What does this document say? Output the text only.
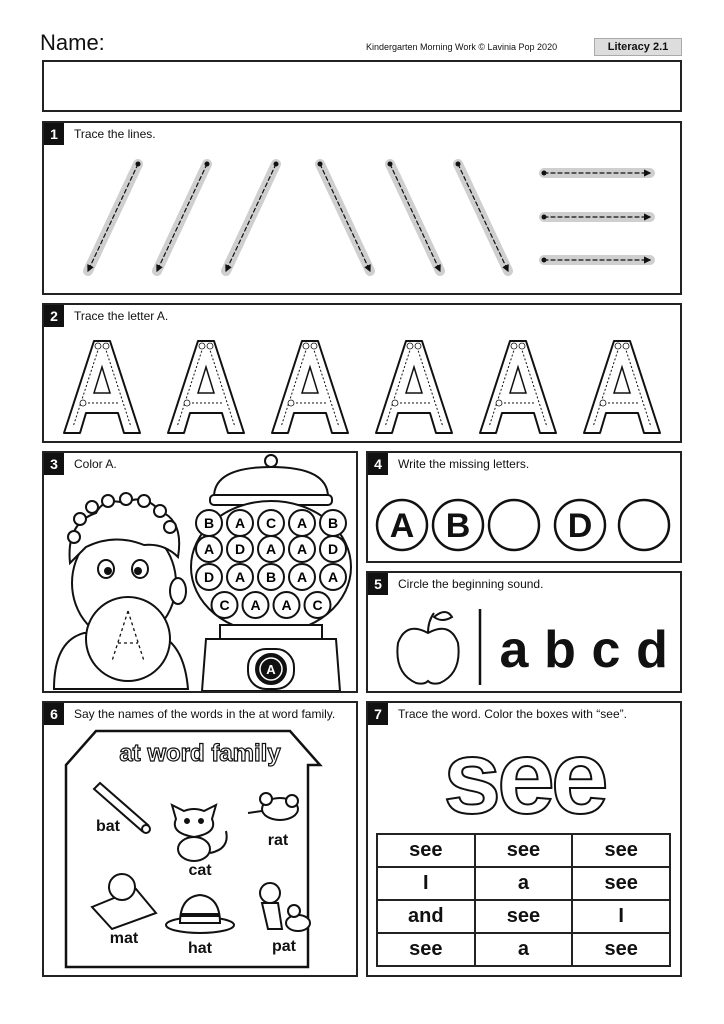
Name:	Kindergarten Morning Work © Lavinia Pop 2020	Literacy 2.1
1	Trace the lines.
2	Trace the letter A.
3	Color A.
A
B A C A B
A D A A D
D A B A A
C A A C
4	Write the missing letters.
A B	D
5	Circle the beginning sound.
a b c d
6	Say the names of the words in the at word family.
at word family
bat
cat
rat
mat
hat	pat
7	Trace the word. Color the boxes with “see”.
see
see	see	see
I	a	see
and	see	I
see	a	see
